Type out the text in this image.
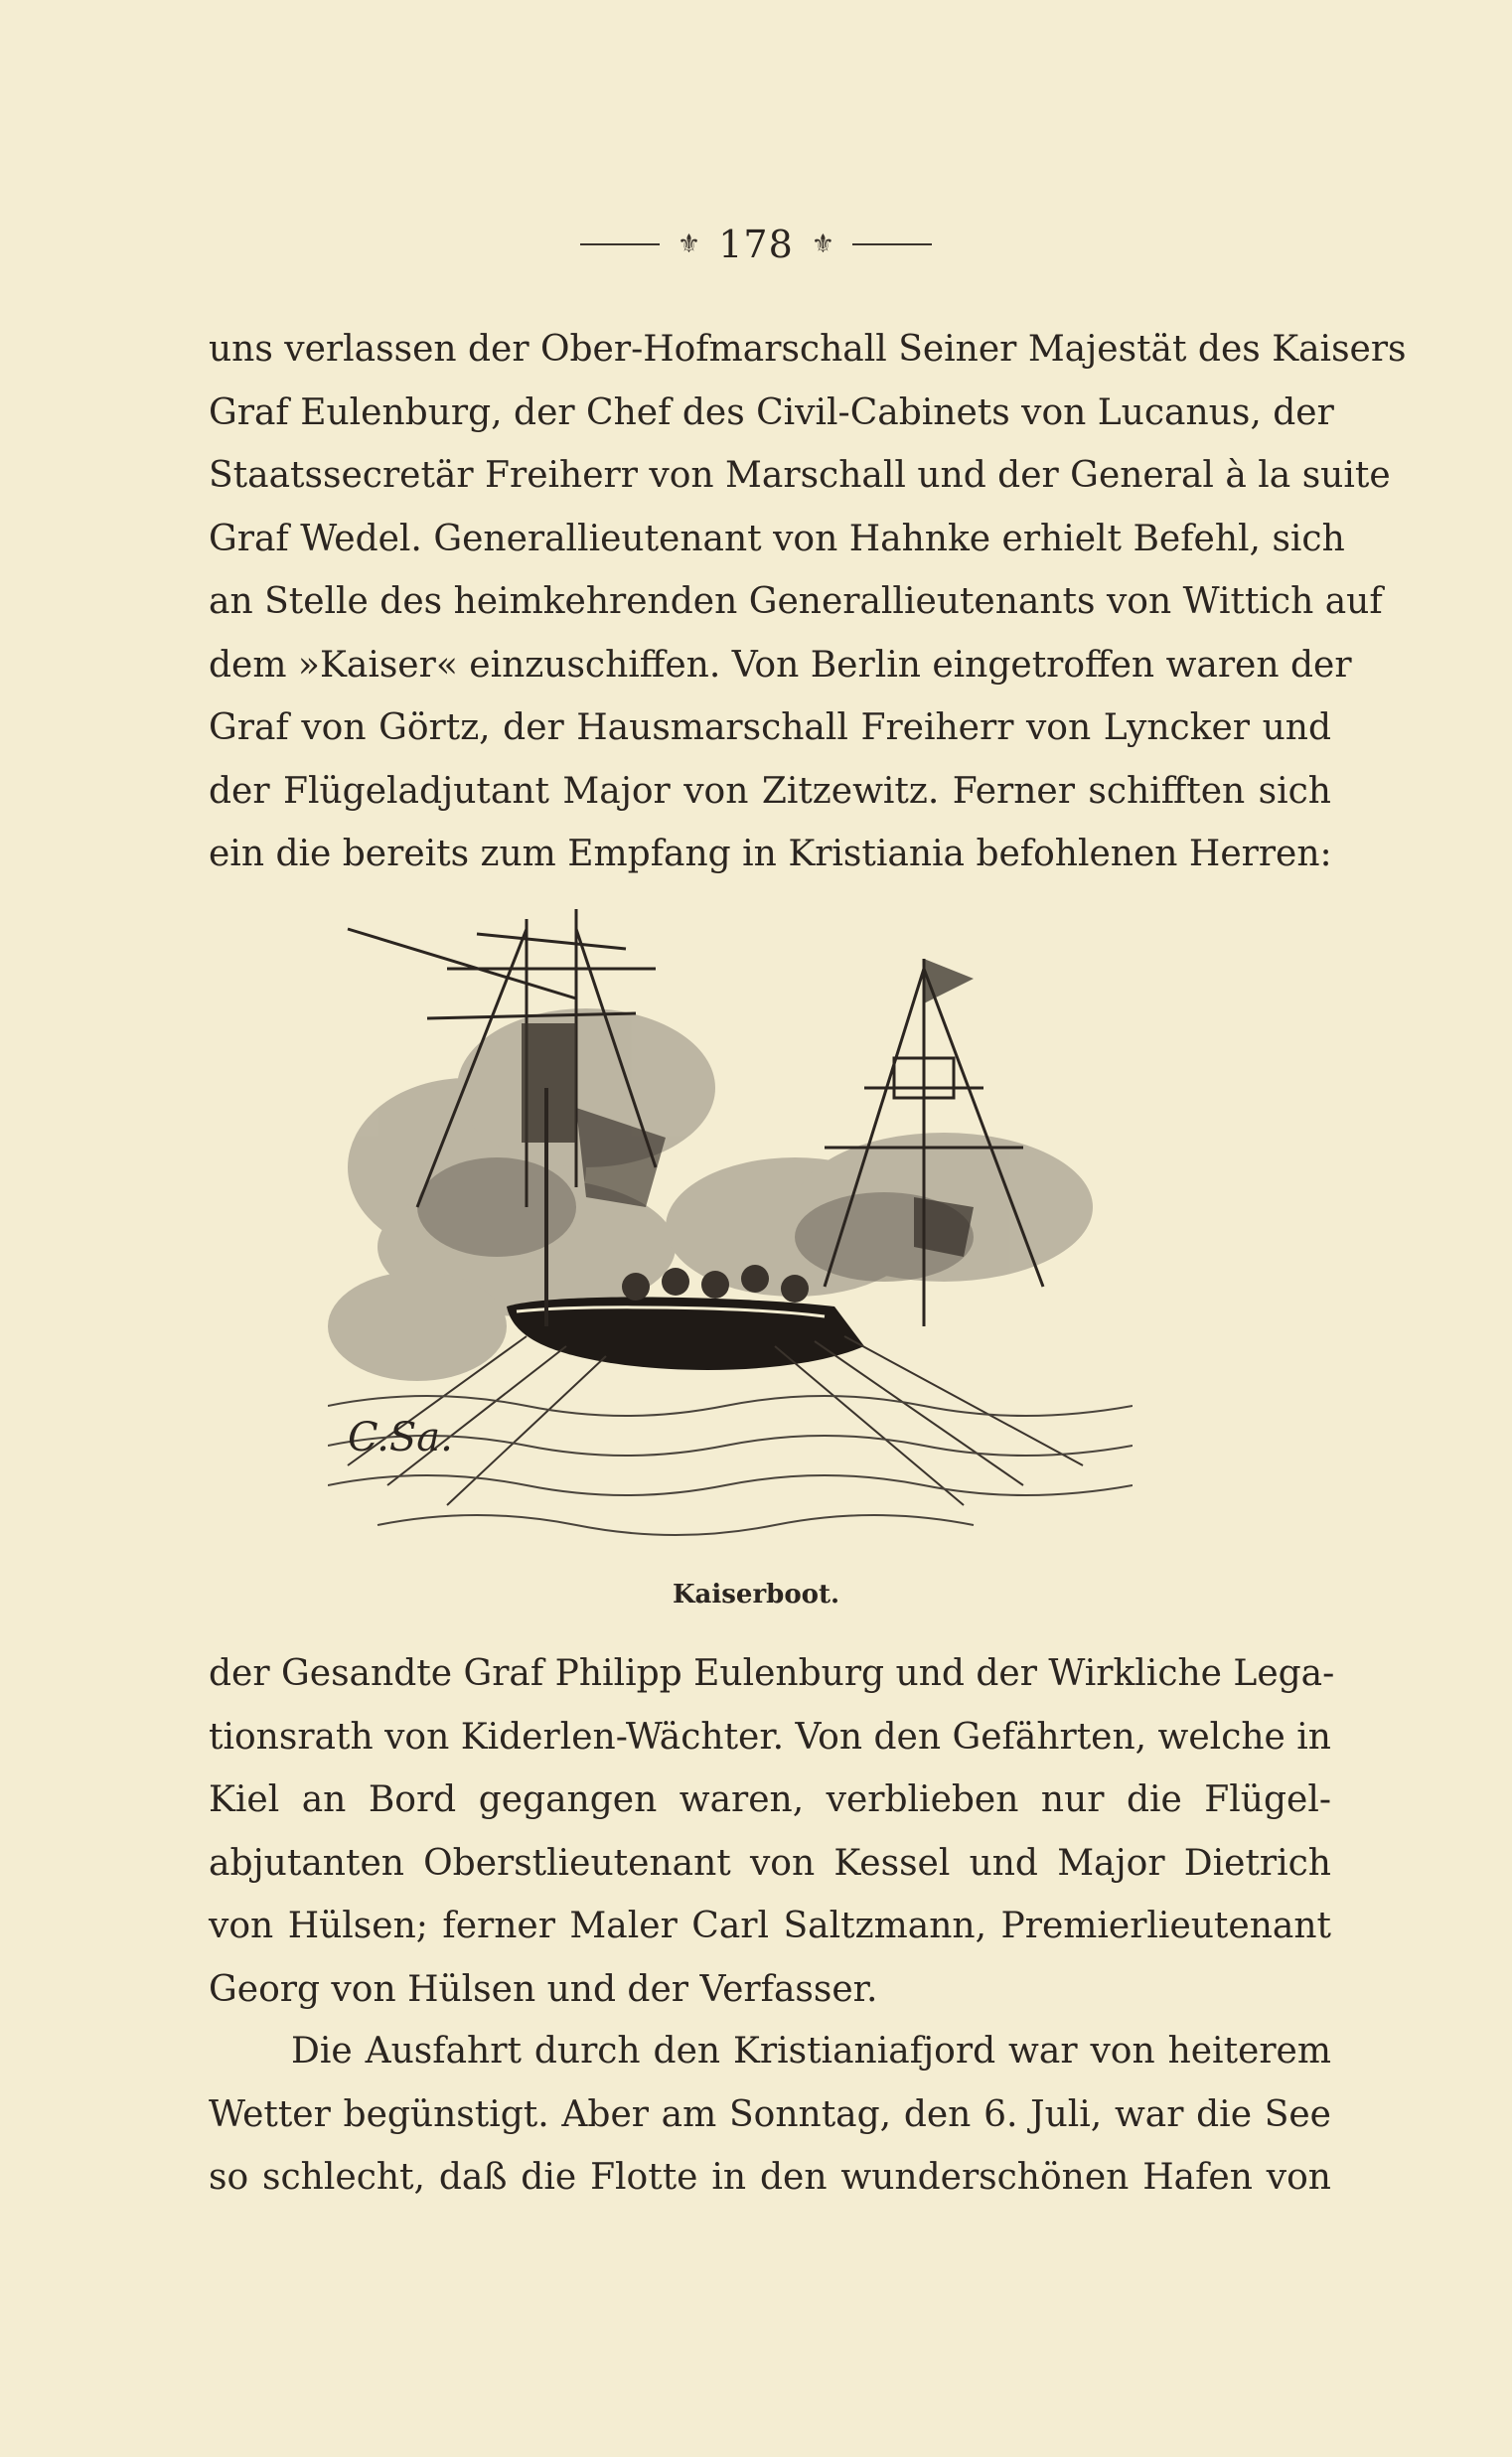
⚜ 178 ⚜

uns verlassen der Ober-Hofmarschall Seiner Majestät des Kaisers
Graf Eulenburg, der Chef des Civil-Cabinets von Lucanus, der
Staatssecretär Freiherr von Marschall und der General à la suite
Graf Wedel. Generallieutenant von Hahnke erhielt Befehl, sich
an Stelle des heimkehrenden Generallieutenants von Wittich auf
dem »Kaiser« einzuschiffen. Von Berlin eingetroffen waren der
Graf von Görtz, der Hausmarschall Freiherr von Lyncker und
der Flügeladjutant Major von Zitzewitz. Ferner schifften sich
ein die bereits zum Empfang in Kristiania befohlenen Herren:

C.Sa.
Kaiserboot.

der Gesandte Graf Philipp Eulenburg und der Wirkliche Lega-
tionsrath von Kiderlen-Wächter. Von den Gefährten, welche in
Kiel an Bord gegangen waren, verblieben nur die Flügel-
abjutanten Oberstlieutenant von Kessel und Major Dietrich
von Hülsen; ferner Maler Carl Saltzmann, Premierlieutenant
Georg von Hülsen und der Verfasser.

Die Ausfahrt durch den Kristianiafjord war von heiterem
Wetter begünstigt. Aber am Sonntag, den 6. Juli, war die See
so schlecht, daß die Flotte in den wunderschönen Hafen von
